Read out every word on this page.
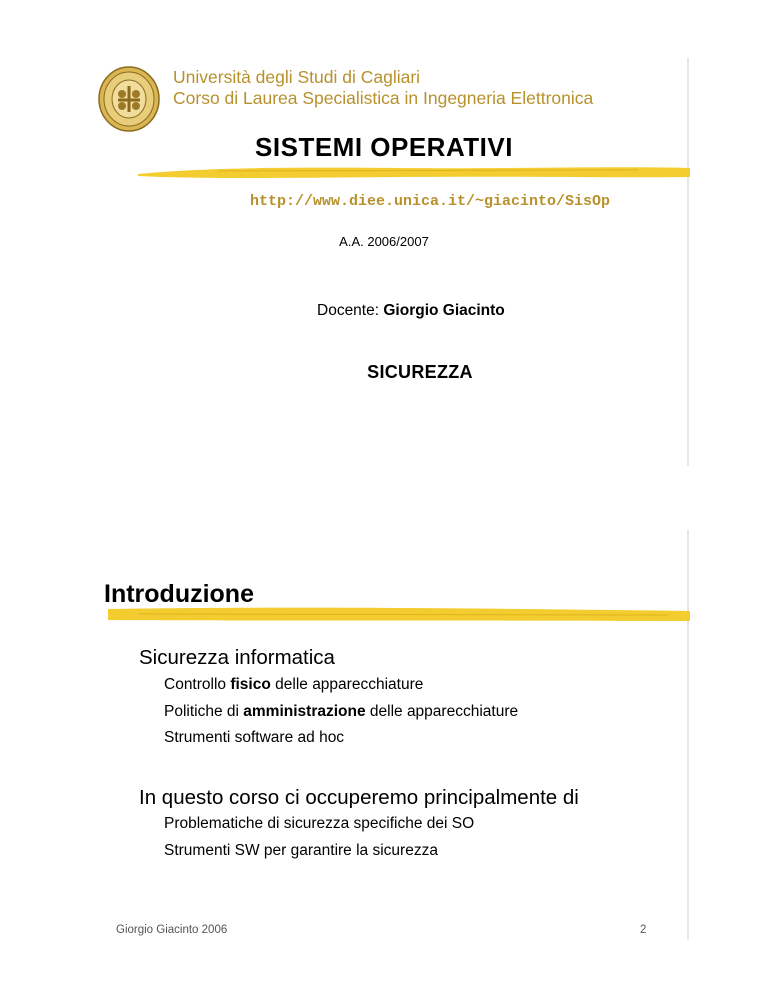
Università degli Studi di Cagliari
Corso di Laurea Specialistica in Ingegneria Elettronica
SISTEMI OPERATIVI
http://www.diee.unica.it/~giacinto/SisOp
A.A. 2006/2007
Docente: Giorgio Giacinto
SICUREZZA
Introduzione
Sicurezza informatica
Controllo fisico delle apparecchiature
Politiche di amministrazione delle apparecchiature
Strumenti software ad hoc
In questo corso ci occuperemo principalmente di
Problematiche di sicurezza specifiche dei SO
Strumenti SW per garantire la sicurezza
Giorgio Giacinto 2006	2
